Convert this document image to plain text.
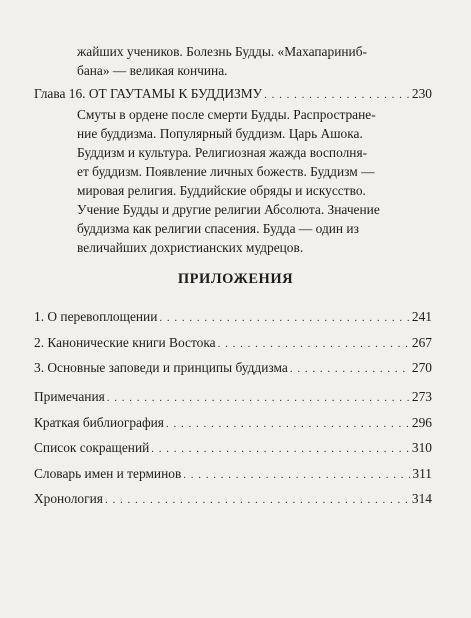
жайших учеников. Болезнь Будды. «Махапариниб-
бана» — великая кончина.
Глава 16. ОТ ГАУТАМЫ К БУДДИЗМУ . . .	230
Смуты в ордене после смерти Будды. Распростране-
ние буддизма. Популярный буддизм. Царь Ашока.
Буддизм и культура. Религиозная жажда восполня-
ет буддизм. Появление личных божеств. Буддизм —
мировая религия. Буддийские обряды и искусство.
Учение Будды и другие религии Абсолюта. Значение
буддизма как религии спасения. Будда — один из
величайших дохристианских мудрецов.
ПРИЛОЖЕНИЯ
1. О перевоплощении . . .	241
2. Канонические книги Востока . . .	267
3. Основные заповеди и принципы буддизма . . .	270
Примечания . . .	273
Краткая библиография . . .	296
Список сокращений . . .	310
Словарь имен и терминов . . .	311
Хронология . . .	314
